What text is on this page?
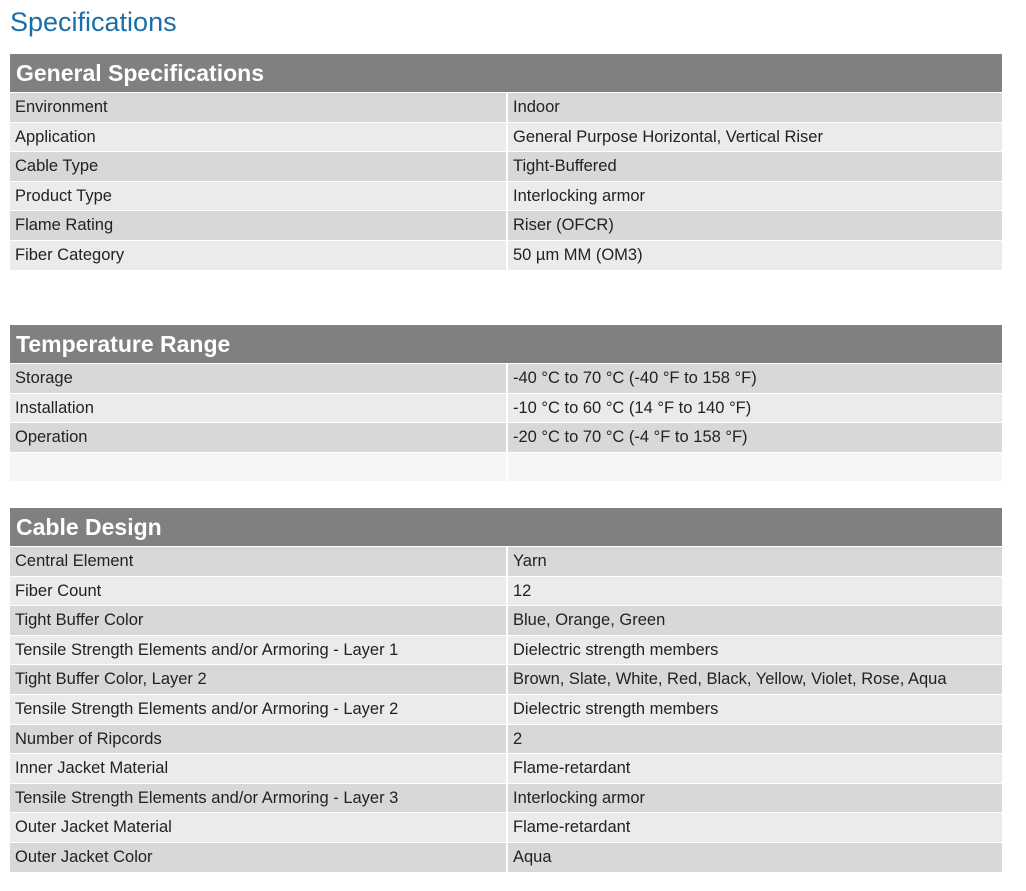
Specifications
General Specifications
Environment	Indoor
Application	General Purpose Horizontal, Vertical Riser
Cable Type	Tight-Buffered
Product Type	Interlocking armor
Flame Rating	Riser (OFCR)
Fiber Category	50 µm MM (OM3)
Temperature Range
Storage	-40 °C to 70 °C (-40 °F to 158 °F)
Installation	-10 °C to 60 °C (14 °F to 140 °F)
Operation	-20 °C to 70 °C (-4 °F to 158 °F)
Cable Design
Central Element	Yarn
Fiber Count	12
Tight Buffer Color	Blue, Orange, Green
Tensile Strength Elements and/or Armoring - Layer 1	Dielectric strength members
Tight Buffer Color, Layer 2	Brown, Slate, White, Red, Black, Yellow, Violet, Rose, Aqua
Tensile Strength Elements and/or Armoring - Layer 2	Dielectric strength members
Number of Ripcords	2
Inner Jacket Material	Flame-retardant
Tensile Strength Elements and/or Armoring - Layer 3	Interlocking armor
Outer Jacket Material	Flame-retardant
Outer Jacket Color	Aqua
